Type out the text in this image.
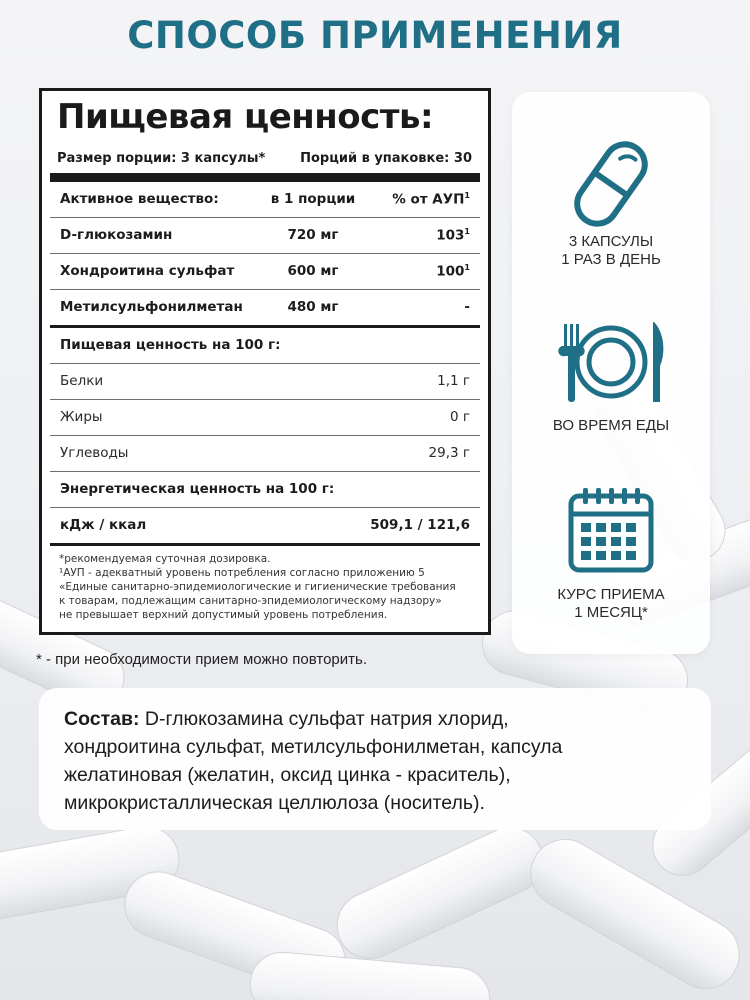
СПОСОБ ПРИМЕНЕНИЯ
Пищевая ценность:
Размер порции: 3 капсулы*	Порций в упаковке: 30
Активное вещество:	в 1 порции	% от АУП$^1$
D-глюкозамин	720 мг	$103^1$
Хондроитина сульфат	600 мг	$100^1$
Метилсульфонилметан	480 мг	-
Пищевая ценность на 100 г:
Белки	1,1 г
Жиры	0 г
Углеводы	29,3 г
Энергетическая ценность на 100 г:
кДж / ккал	509,1 / 121,6
*рекомендуемая суточная дозировка.
¹АУП - адекватный уровень потребления согласно приложению 5
«Единые санитарно-эпидемиологические и гигиенические требования
к товарам, подлежащим санитарно-эпидемиологическому надзору»
не превышает верхний допустимый уровень потребления.
* - при необходимости прием можно повторить.
3 КАПСУЛЫ
1 РАЗ В ДЕНЬ
ВО ВРЕМЯ ЕДЫ
КУРС ПРИЕМА
1 МЕСЯЦ*

Состав: D-глюкозамина сульфат натрия хлорид,
хондроитина сульфат, метилсульфонилметан, капсула
желатиновая (желатин, оксид цинка - краситель),
микрокристаллическая целлюлоза (носитель).
